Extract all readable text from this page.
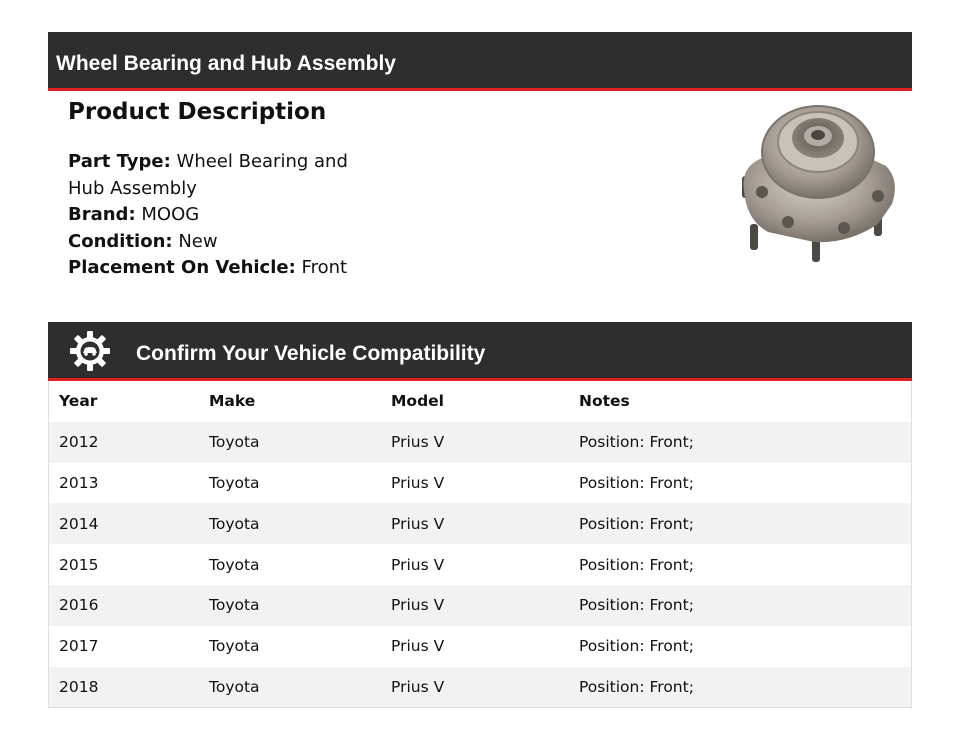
Wheel Bearing and Hub Assembly
Product Description
Part Type: Wheel Bearing and Hub Assembly
Brand: MOOG
Condition: New
Placement On Vehicle: Front
Confirm Your Vehicle Compatibility
Year	Make	Model	Notes
2012	Toyota	Prius V	Position: Front;
2013	Toyota	Prius V	Position: Front;
2014	Toyota	Prius V	Position: Front;
2015	Toyota	Prius V	Position: Front;
2016	Toyota	Prius V	Position: Front;
2017	Toyota	Prius V	Position: Front;
2018	Toyota	Prius V	Position: Front;
